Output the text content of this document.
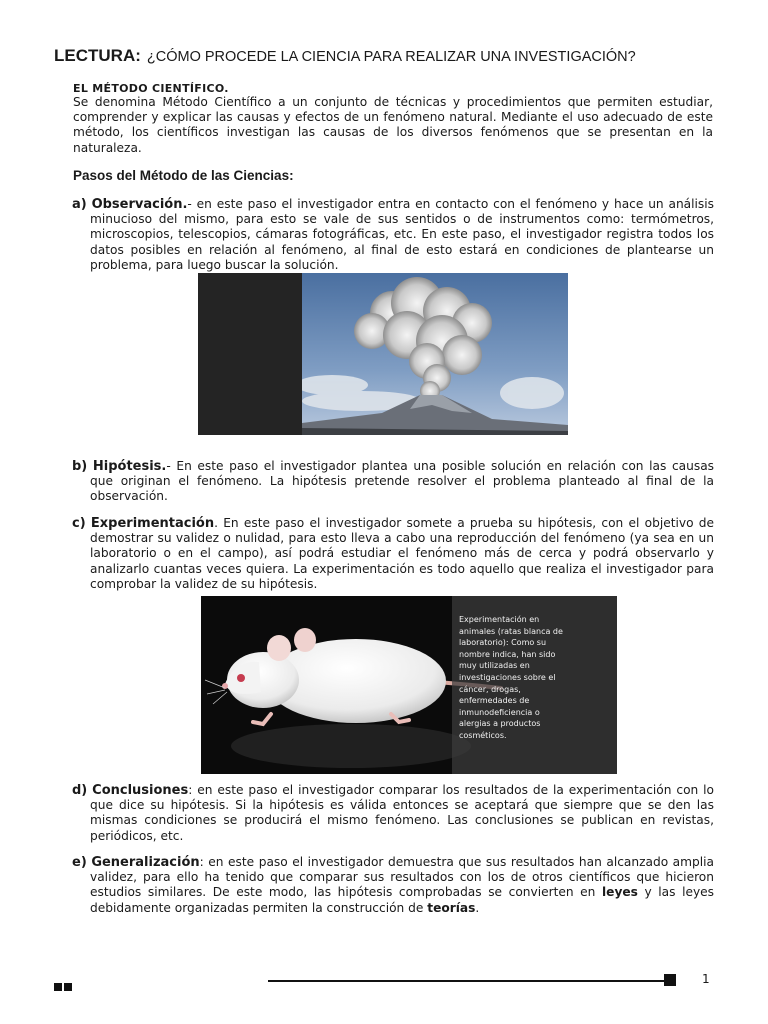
LECTURA: ¿CÓMO PROCEDE LA CIENCIA PARA REALIZAR UNA INVESTIGACIÓN?
EL MÉTODO CIENTÍFICO.

Se denomina Método Científico a un conjunto de técnicas y procedimientos que permiten estudiar, comprender y explicar las causas y efectos de un fenómeno natural. Mediante el uso adecuado de este método, los científicos investigan las causas de los diversos fenómenos que se presentan en la naturaleza.

Pasos del Método de las Ciencias:

a) Observación.- en este paso el investigador entra en contacto con el fenómeno y hace un análisis minucioso del mismo, para esto se vale de sus sentidos o de instrumentos como: termómetros, microscopios, telescopios, cámaras fotográficas, etc. En este paso, el investigador registra todos los datos posibles en relación al fenómeno, al final de esto estará en condiciones de plantearse un problema, para luego buscar la solución.

b) Hipótesis.- En este paso el investigador plantea una posible solución en relación con las causas que originan el fenómeno. La hipótesis pretende resolver el problema planteado al final de la observación.

c) Experimentación. En este paso el investigador somete a prueba su hipótesis, con el objetivo de demostrar su validez o nulidad, para esto lleva a cabo una reproducción del fenómeno (ya sea en un laboratorio o en el campo), así podrá estudiar el fenómeno más de cerca y podrá observarlo y analizarlo cuantas veces quiera. La experimentación es todo aquello que realiza el investigador para comprobar la validez de su hipótesis.

Experimentación en animales (ratas blanca de laboratorio): Como su nombre indica, han sido muy utilizadas en investigaciones sobre el cáncer, drogas, enfermedades de inmunodeficiencia o alergias a productos cosméticos.

d) Conclusiones: en este paso el investigador comparar los resultados de la experimentación con lo que dice su hipótesis. Si la hipótesis es válida entonces se aceptará que siempre que se den las mismas condiciones se producirá el mismo fenómeno. Las conclusiones se publican en revistas, periódicos, etc.

e) Generalización: en este paso el investigador demuestra que sus resultados han alcanzado amplia validez, para ello ha tenido que comparar sus resultados con los de otros científicos que hicieron estudios similares. De este modo, las hipótesis comprobadas se convierten en leyes y las leyes debidamente organizadas permiten la construcción de teorías.

1
